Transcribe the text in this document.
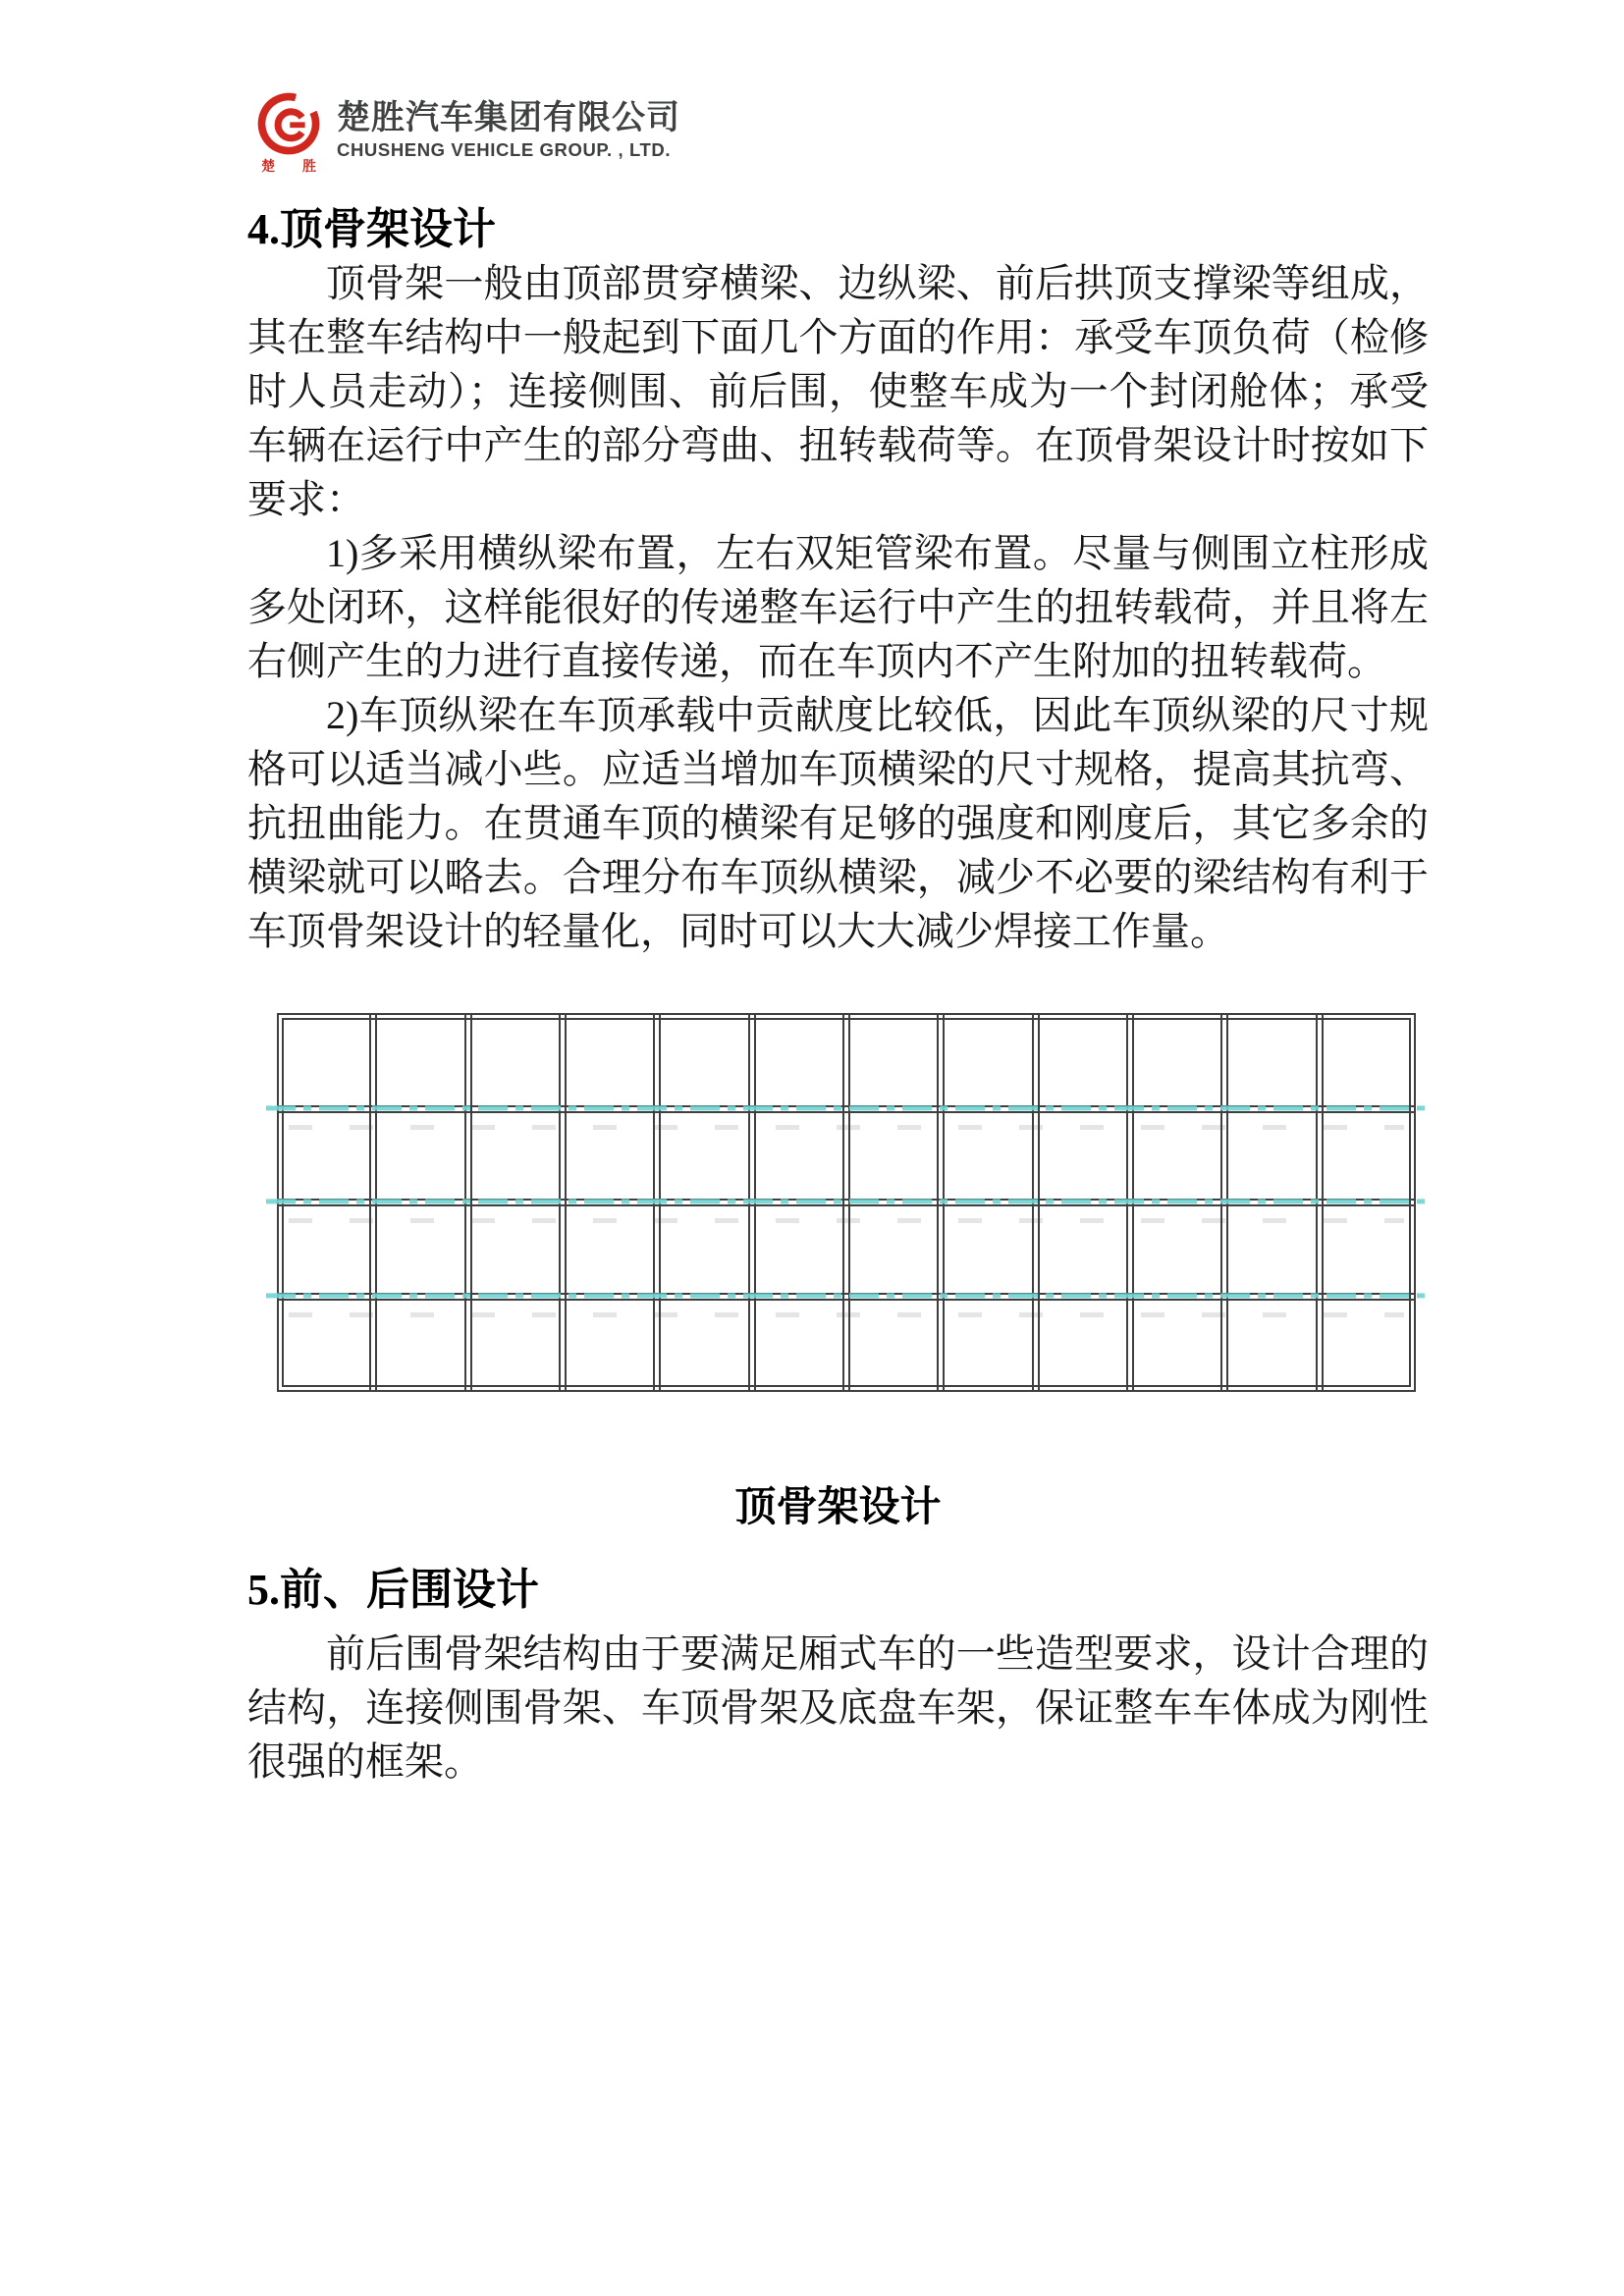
楚 胜
楚胜汽车集团有限公司
CHUSHENG VEHICLE GROUP. , LTD.
4.顶骨架设计

顶骨架一般由顶部贯穿横梁、边纵梁、前后拱顶支撑梁等组成，其在整车结构中一般起到下面几个方面的作用：承受车顶负荷（检修时人员走动）；连接侧围、前后围，使整车成为一个封闭舱体；承受车辆在运行中产生的部分弯曲、扭转载荷等。在顶骨架设计时按如下要求：

1)多采用横纵梁布置，左右双矩管梁布置。尽量与侧围立柱形成多处闭环，这样能很好的传递整车运行中产生的扭转载荷，并且将左右侧产生的力进行直接传递，而在车顶内不产生附加的扭转载荷。

2)车顶纵梁在车顶承载中贡献度比较低，因此车顶纵梁的尺寸规格可以适当减小些。应适当增加车顶横梁的尺寸规格，提高其抗弯、抗扭曲能力。在贯通车顶的横梁有足够的强度和刚度后，其它多余的横梁就可以略去。合理分布车顶纵横梁，减少不必要的梁结构有利于车顶骨架设计的轻量化，同时可以大大减少焊接工作量。

顶骨架设计
5.前、后围设计

前后围骨架结构由于要满足厢式车的一些造型要求，设计合理的结构，连接侧围骨架、车顶骨架及底盘车架，保证整车车体成为刚性很强的框架。
